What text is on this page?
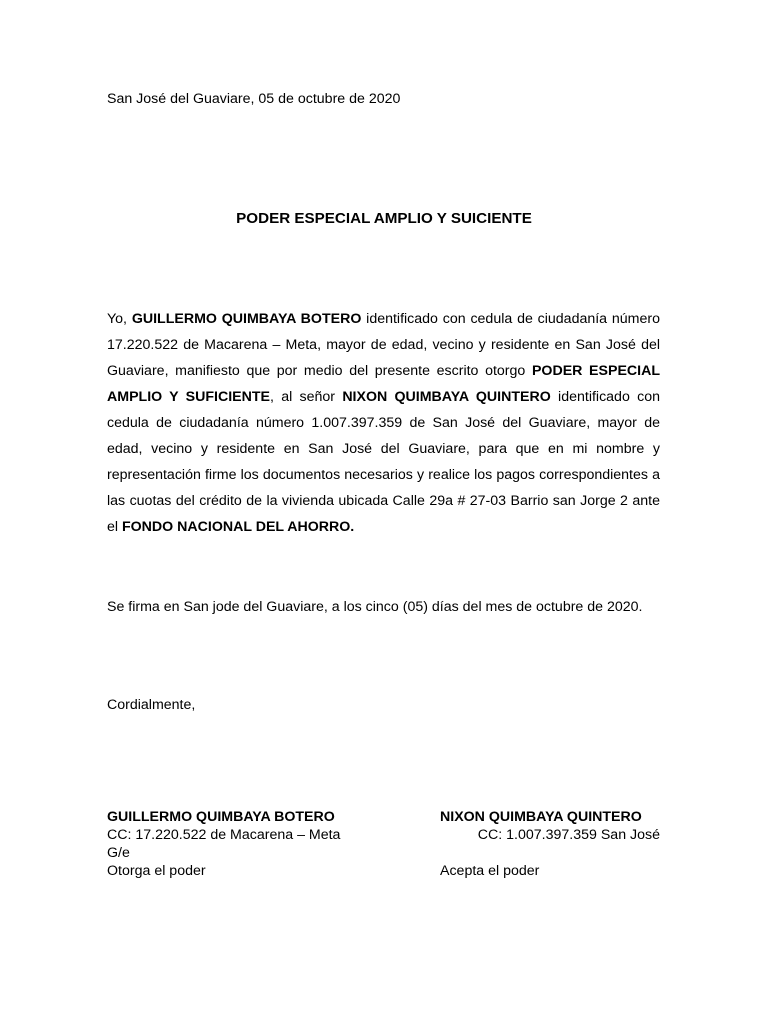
San José del Guaviare, 05 de octubre de 2020
PODER ESPECIAL AMPLIO Y SUICIENTE
Yo, GUILLERMO QUIMBAYA BOTERO identificado con cedula de ciudadanía número 17.220.522 de Macarena – Meta, mayor de edad, vecino y residente en San José del Guaviare, manifiesto que por medio del presente escrito otorgo PODER ESPECIAL AMPLIO Y SUFICIENTE, al señor NIXON QUIMBAYA QUINTERO identificado con cedula de ciudadanía número 1.007.397.359 de San José del Guaviare, mayor de edad, vecino y residente en San José del Guaviare, para que en mi nombre y representación firme los documentos necesarios y realice los pagos correspondientes a las cuotas del crédito de la vivienda ubicada Calle 29a # 27-03 Barrio san Jorge 2 ante el FONDO NACIONAL DEL AHORRO.
Se firma en San jode del Guaviare, a los cinco (05) días del mes de octubre de 2020.
Cordialmente,
GUILLERMO QUIMBAYA BOTERO
CC: 17.220.522 de Macarena – Meta
G/e
Otorga el poder
NIXON QUIMBAYA QUINTERO
CC: 1.007.397.359 San José
Acepta el poder
